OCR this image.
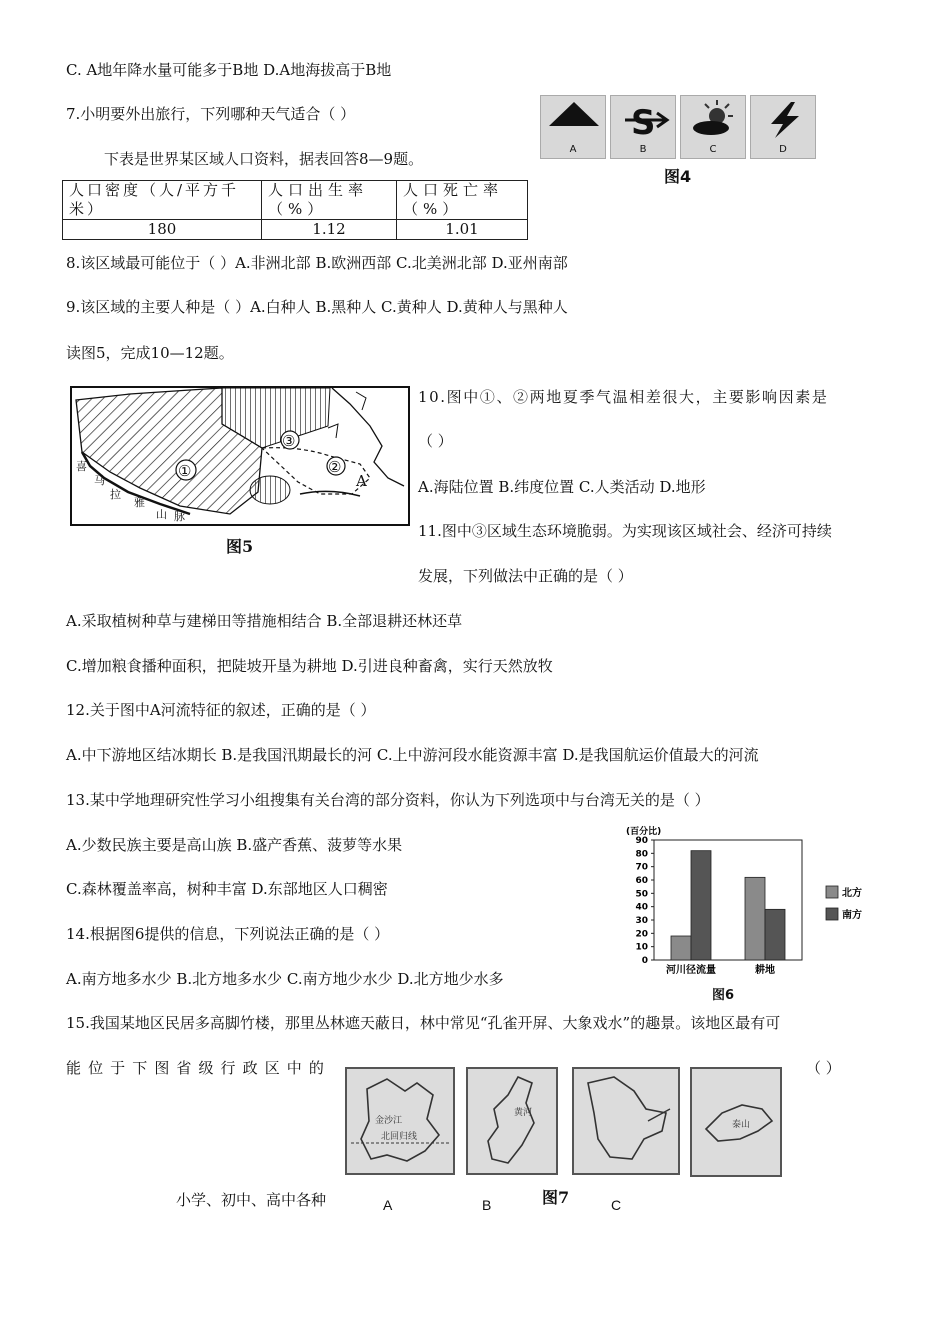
C. A地年降水量可能多于B地 D.A地海拔高于B地
7.小明要外出旅行，下列哪种天气适合（ ）
下表是世界某区域人口资料，据表回答8—9题。
A
S
B	C	D
图4
人口密度（人/平方千米）	人口出生率（%）	人口死亡率（%）
180	1.12	1.01
8.该区域最可能位于（ ）A.非洲北部 B.欧洲西部 C.北美洲北部 D.亚州南部
9.该区域的主要人种是（ ）A.白种人 B.黑种人 C.黄种人 D.黄种人与黑种人
读图5，完成10—12题。
①	②
③
A
喜
马
拉
雅
山 脉
图5
10.图中①、②两地夏季气温相差很大，主要影响因素是
（ ）
A.海陆位置 B.纬度位置 C.人类活动 D.地形
11.图中③区域生态环境脆弱。为实现该区域社会、经济可持续
发展，下列做法中正确的是（ ）
A.采取植树种草与建梯田等措施相结合 B.全部退耕还林还草
C.增加粮食播种面积，把陡坡开垦为耕地 D.引进良种畜禽，实行天然放牧
12.关于图中A河流特征的叙述，正确的是（ ）
A.中下游地区结冰期长 B.是我国汛期最长的河 C.上中游河段水能资源丰富 D.是我国航运价值最大的河流
13.某中学地理研究性学习小组搜集有关台湾的部分资料，你认为下列选项中与台湾无关的是（ ）
A.少数民族主要是高山族 B.盛产香蕉、菠萝等水果
C.森林覆盖率高，树种丰富 D.东部地区人口稠密
14.根据图6提供的信息，下列说法正确的是（ ）
A.南方地多水少 B.北方地多水少 C.南方地少水少 D.北方地少水多
(百分比)
0
10
20
30
40
50
60
70
80
90
河川径流量	耕地
北方
南方
图6
15.我国某地区民居多高脚竹楼，那里丛林遮天蔽日，林中常见“孔雀开屏、大象戏水”的趣景。该地区最有可
能 位 于 下 图 省 级 行 政 区 中 的	（ ）
金沙江
北回归线
黄河
泰山
图7
A	B	C
小学、初中、高中各种
